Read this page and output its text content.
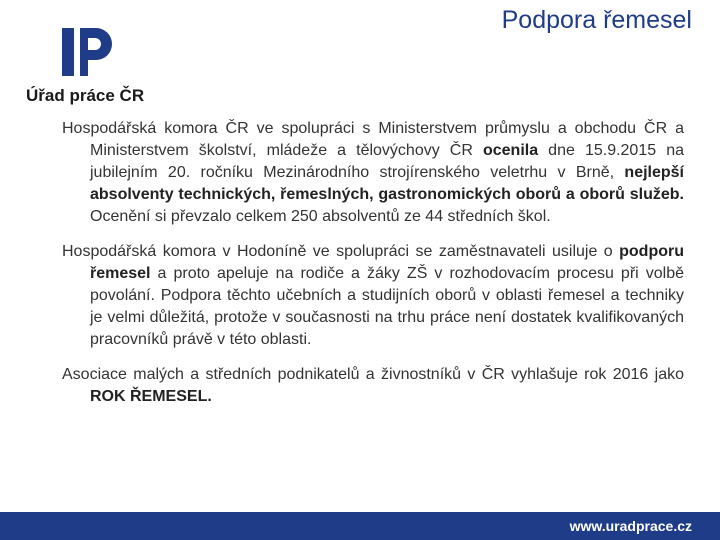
Podpora řemesel
Úřad práce ČR

Hospodářská komora ČR ve spolupráci s Ministerstvem průmyslu a obchodu ČR a Ministerstvem školství, mládeže a tělovýchovy ČR ocenila dne 15.9.2015 na jubilejním 20. ročníku Mezinárodního strojírenského veletrhu v Brně, nejlepší absolventy technických, řemeslných, gastronomických oborů a oborů služeb. Ocenění si převzalo celkem 250 absolventů ze 44 středních škol.

Hospodářská komora v Hodoníně ve spolupráci se zaměstnavateli usiluje o podporu řemesel a proto apeluje na rodiče a žáky ZŠ v rozhodovacím procesu při volbě povolání. Podpora těchto učebních a studijních oborů v oblasti řemesel a techniky je velmi důležitá, protože v současnosti na trhu práce není dostatek kvalifikovaných pracovníků právě v této oblasti.

Asociace malých a středních podnikatelů a živnostníků v ČR vyhlašuje rok 2016 jako ROK ŘEMESEL.

www.uradprace.cz
